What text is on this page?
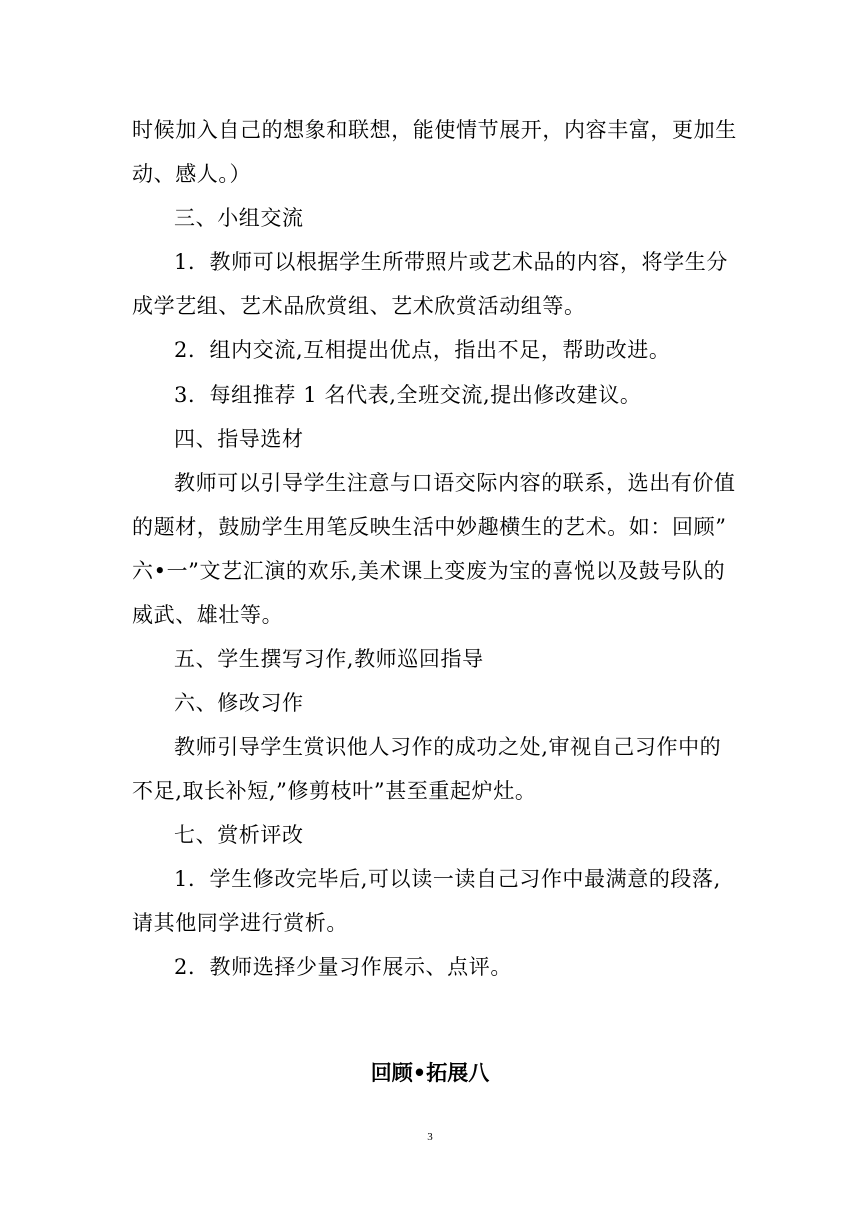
时候加入自己的想象和联想，能使情节展开，内容丰富，更加生
动、感人。）
三、小组交流
1．教师可以根据学生所带照片或艺术品的内容，将学生分
成学艺组、艺术品欣赏组、艺术欣赏活动组等。
2．组内交流,互相提出优点，指出不足，帮助改进。
3．每组推荐 1 名代表,全班交流,提出修改建议。
四、指导选材
教师可以引导学生注意与口语交际内容的联系，选出有价值
的题材，鼓励学生用笔反映生活中妙趣横生的艺术。如：回顾”
六•一”文艺汇演的欢乐,美术课上变废为宝的喜悦以及鼓号队的
威武、雄壮等。
五、学生撰写习作,教师巡回指导
六、修改习作
教师引导学生赏识他人习作的成功之处,审视自己习作中的
不足,取长补短,”修剪枝叶”甚至重起炉灶。
七、赏析评改
1．学生修改完毕后,可以读一读自己习作中最满意的段落,
请其他同学进行赏析。
2．教师选择少量习作展示、点评。
回顾•拓展八
3
